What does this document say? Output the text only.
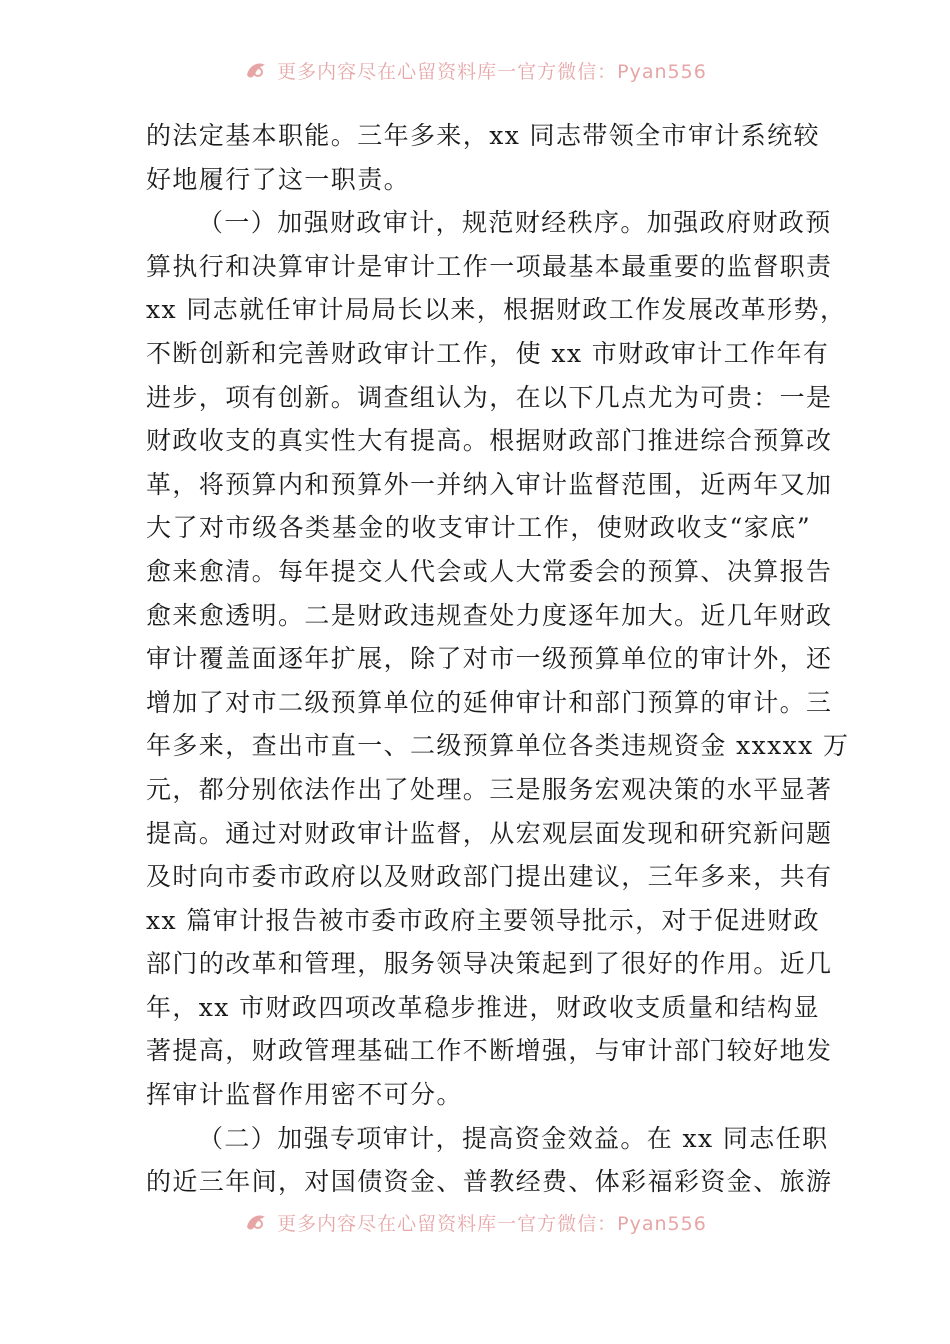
更多内容尽在心留资料库一官方微信：Pyan556
的法定基本职能。三年多来，xx 同志带领全市审计系统较
好地履行了这一职责。
（一）加强财政审计，规范财经秩序。加强政府财政预
算执行和决算审计是审计工作一项最基本最重要的监督职责
xx 同志就任审计局局长以来，根据财政工作发展改革形势，
不断创新和完善财政审计工作，使 xx 市财政审计工作年有
进步，项有创新。调查组认为，在以下几点尤为可贵：一是
财政收支的真实性大有提高。根据财政部门推进综合预算改
革，将预算内和预算外一并纳入审计监督范围，近两年又加
大了对市级各类基金的收支审计工作，使财政收支“家底”
愈来愈清。每年提交人代会或人大常委会的预算、决算报告
愈来愈透明。二是财政违规查处力度逐年加大。近几年财政
审计覆盖面逐年扩展，除了对市一级预算单位的审计外，还
增加了对市二级预算单位的延伸审计和部门预算的审计。三
年多来，查出市直一、二级预算单位各类违规资金 xxxxx 万
元，都分别依法作出了处理。三是服务宏观决策的水平显著
提高。通过对财政审计监督，从宏观层面发现和研究新问题
及时向市委市政府以及财政部门提出建议，三年多来，共有
xx 篇审计报告被市委市政府主要领导批示，对于促进财政
部门的改革和管理，服务领导决策起到了很好的作用。近几
年，xx 市财政四项改革稳步推进，财政收支质量和结构显
著提高，财政管理基础工作不断增强，与审计部门较好地发
挥审计监督作用密不可分。
（二）加强专项审计，提高资金效益。在 xx 同志任职
的近三年间，对国债资金、普教经费、体彩福彩资金、旅游
更多内容尽在心留资料库一官方微信：Pyan556
